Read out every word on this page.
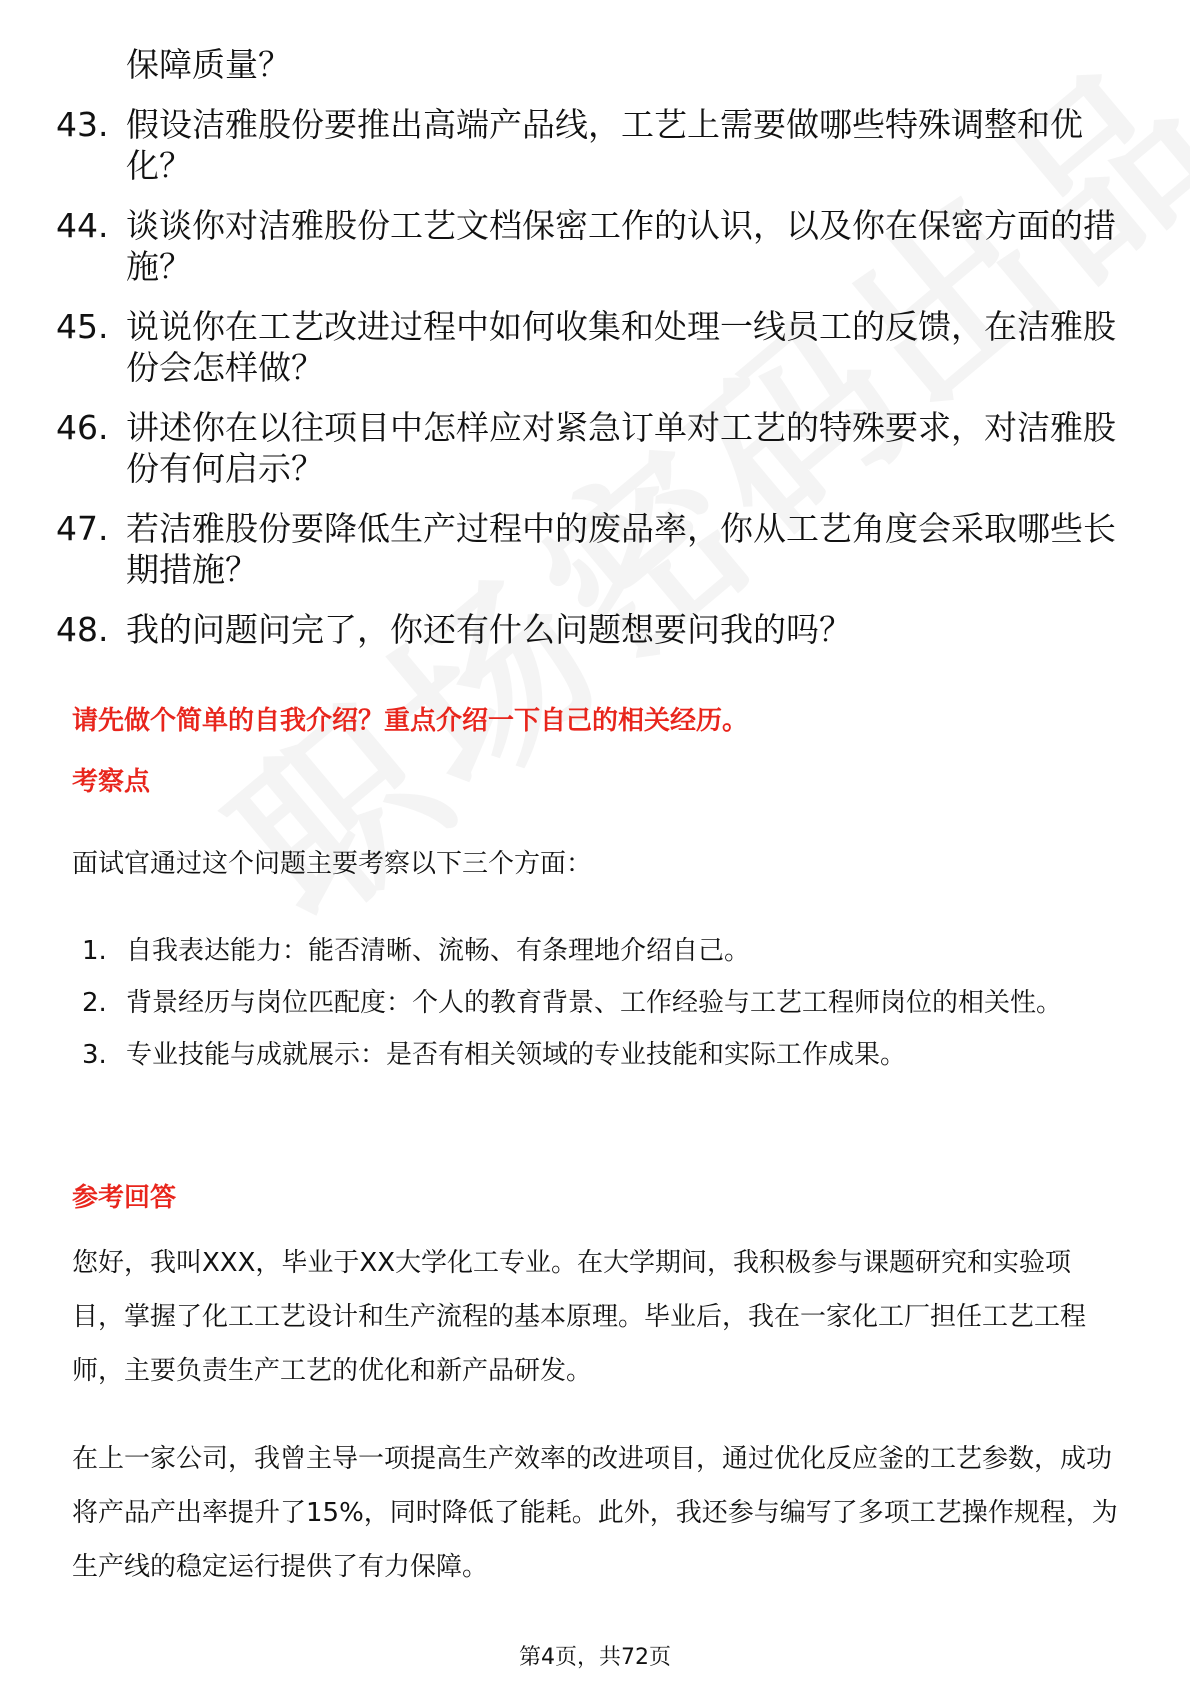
保障质量？
43. 假设洁雅股份要推出高端产品线，工艺上需要做哪些特殊调整和优化？
44. 谈谈你对洁雅股份工艺文档保密工作的认识，以及你在保密方面的措施？
45. 说说你在工艺改进过程中如何收集和处理一线员工的反馈，在洁雅股份会怎样做？
46. 讲述你在以往项目中怎样应对紧急订单对工艺的特殊要求，对洁雅股份有何启示？
47. 若洁雅股份要降低生产过程中的废品率，你从工艺角度会采取哪些长期措施？
48. 我的问题问完了，你还有什么问题想要问我的吗？
请先做个简单的自我介绍？重点介绍一下自己的相关经历。
考察点
面试官通过这个问题主要考察以下三个方面：
1. 自我表达能力：能否清晰、流畅、有条理地介绍自己。
2. 背景经历与岗位匹配度：个人的教育背景、工作经验与工艺工程师岗位的相关性。
3. 专业技能与成就展示：是否有相关领域的专业技能和实际工作成果。
参考回答
您好，我叫XXX，毕业于XX大学化工专业。在大学期间，我积极参与课题研究和实验项目，掌握了化工工艺设计和生产流程的基本原理。毕业后，我在一家化工厂担任工艺工程师，主要负责生产工艺的优化和新产品研发。
在上一家公司，我曾主导一项提高生产效率的改进项目，通过优化反应釜的工艺参数，成功将产品产出率提升了15%，同时降低了能耗。此外，我还参与编写了多项工艺操作规程，为生产线的稳定运行提供了有力保障。
第4页，共72页
